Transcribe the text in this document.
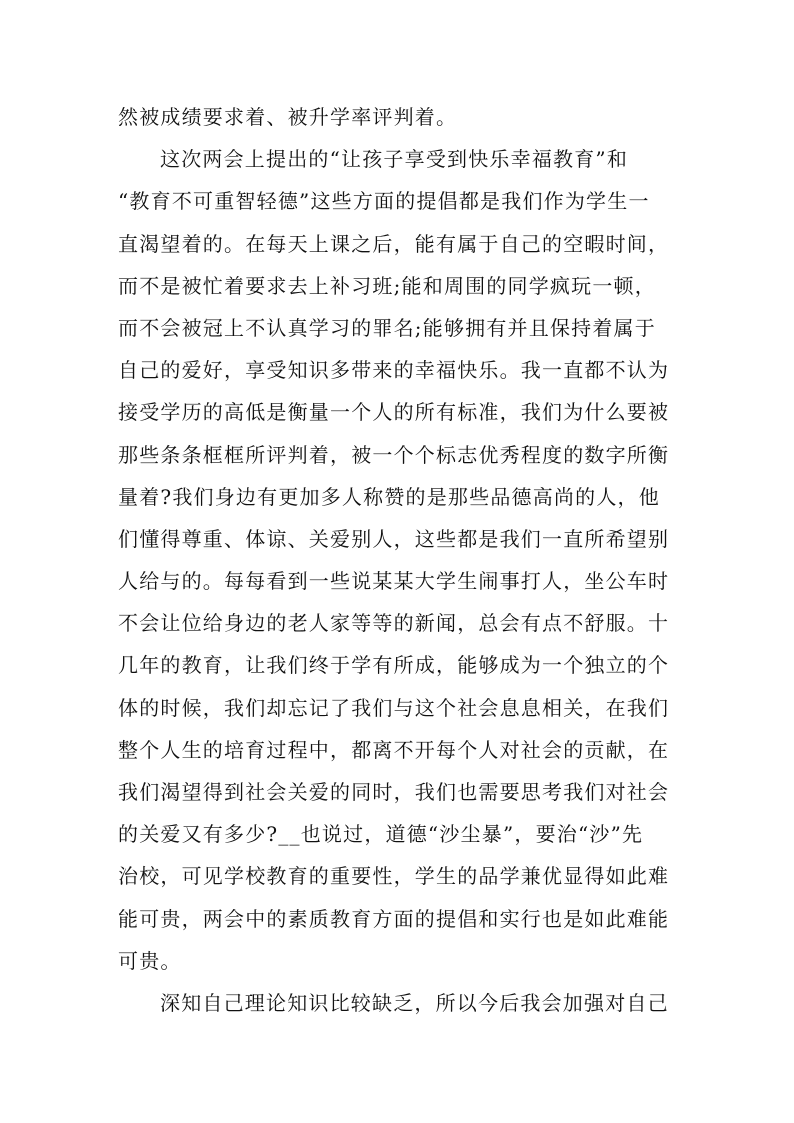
然被成绩要求着、被升学率评判着。
这次两会上提出的“让孩子享受到快乐幸福教育”和
“教育不可重智轻德”这些方面的提倡都是我们作为学生一
直渴望着的。在每天上课之后，能有属于自己的空暇时间，
而不是被忙着要求去上补习班;能和周围的同学疯玩一顿，
而不会被冠上不认真学习的罪名;能够拥有并且保持着属于
自己的爱好，享受知识多带来的幸福快乐。我一直都不认为
接受学历的高低是衡量一个人的所有标准，我们为什么要被
那些条条框框所评判着，被一个个标志优秀程度的数字所衡
量着?我们身边有更加多人称赞的是那些品德高尚的人，他
们懂得尊重、体谅、关爱别人，这些都是我们一直所希望别
人给与的。每每看到一些说某某大学生闹事打人，坐公车时
不会让位给身边的老人家等等的新闻，总会有点不舒服。十
几年的教育，让我们终于学有所成，能够成为一个独立的个
体的时候，我们却忘记了我们与这个社会息息相关，在我们
整个人生的培育过程中，都离不开每个人对社会的贡献，在
我们渴望得到社会关爱的同时，我们也需要思考我们对社会
的关爱又有多少?__也说过，道德“沙尘暴”，要治“沙”先
治校，可见学校教育的重要性，学生的品学兼优显得如此难
能可贵，两会中的素质教育方面的提倡和实行也是如此难能
可贵。
深知自己理论知识比较缺乏，所以今后我会加强对自己
